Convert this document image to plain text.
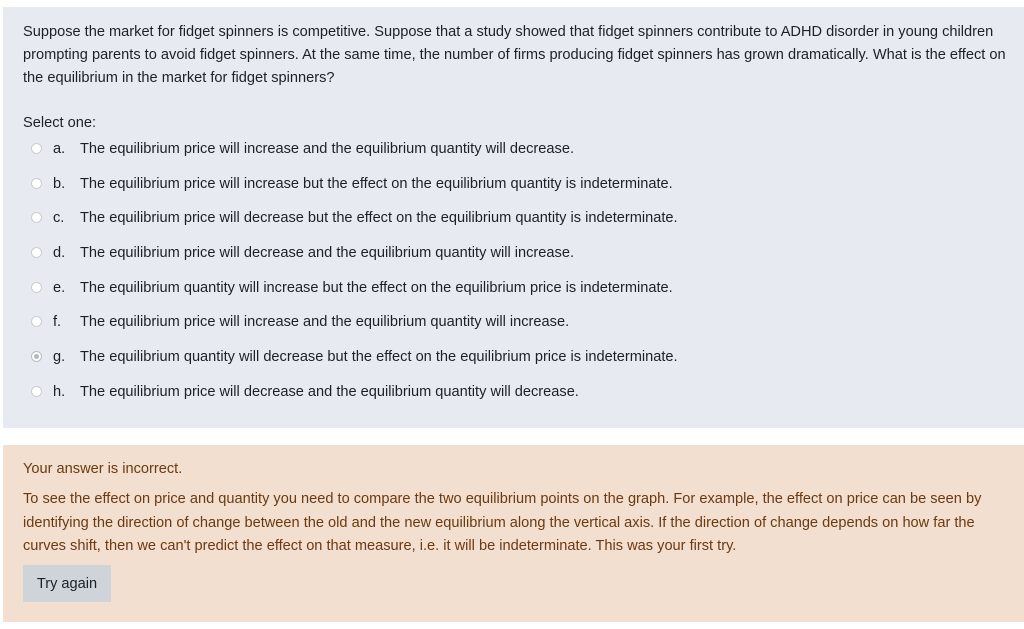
Suppose the market for fidget spinners is competitive. Suppose that a study showed that fidget spinners contribute to ADHD disorder in young children prompting parents to avoid fidget spinners. At the same time, the number of firms producing fidget spinners has grown dramatically. What is the effect on the equilibrium in the market for fidget spinners?

Select one:

a. The equilibrium price will increase and the equilibrium quantity will decrease.
b. The equilibrium price will increase but the effect on the equilibrium quantity is indeterminate.
c. The equilibrium price will decrease but the effect on the equilibrium quantity is indeterminate.
d. The equilibrium price will decrease and the equilibrium quantity will increase.
e. The equilibrium quantity will increase but the effect on the equilibrium price is indeterminate.
f. The equilibrium price will increase and the equilibrium quantity will increase.
g. The equilibrium quantity will decrease but the effect on the equilibrium price is indeterminate.
h. The equilibrium price will decrease and the equilibrium quantity will decrease.

Your answer is incorrect.

To see the effect on price and quantity you need to compare the two equilibrium points on the graph. For example, the effect on price can be seen by identifying the direction of change between the old and the new equilibrium along the vertical axis. If the direction of change depends on how far the curves shift, then we can't predict the effect on that measure, i.e. it will be indeterminate. This was your first try.

Try again
